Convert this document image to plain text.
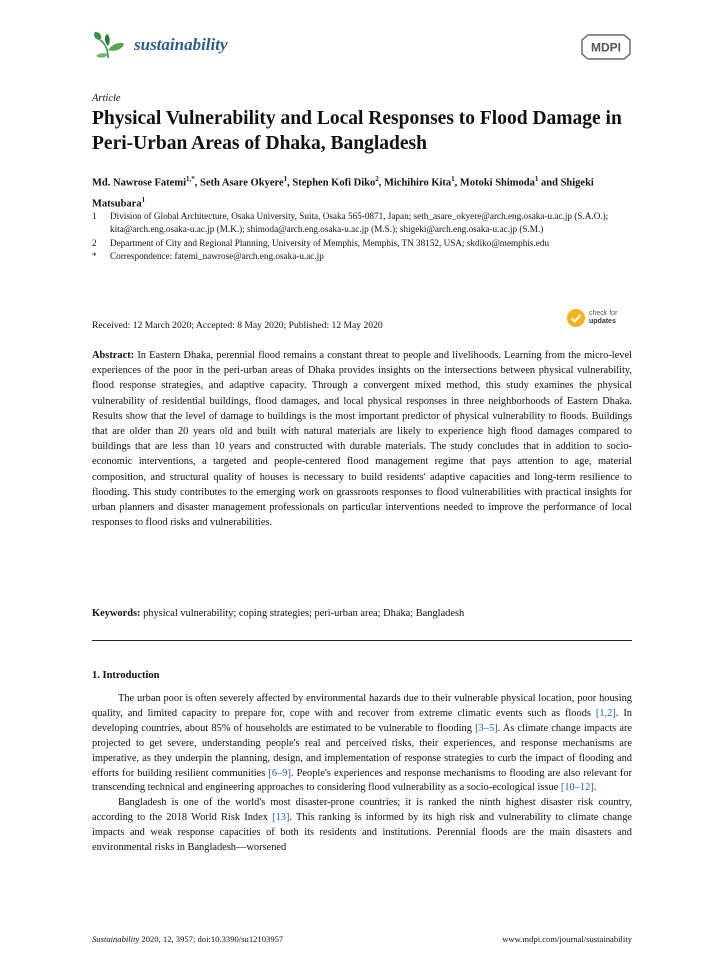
sustainability	MDPI
Article
Physical Vulnerability and Local Responses to Flood Damage in Peri-Urban Areas of Dhaka, Bangladesh
Md. Nawrose Fatemi$^{1,*}$, Seth Asare Okyere$^1$, Stephen Kofi Diko$^2$, Michihiro Kita$^1$, Motoki Shimoda$^1$ and Shigeki Matsubara$^1$
1	Division of Global Architecture, Osaka University, Suita, Osaka 565-0871, Japan; seth_asare_okyere@arch.eng.osaka-u.ac.jp (S.A.O.); kita@arch.eng.osaka-u.ac.jp (M.K.); shimoda@arch.eng.osaka-u.ac.jp (M.S.); shigeki@arch.eng.osaka-u.ac.jp (S.M.)
2	Department of City and Regional Planning, University of Memphis, Memphis, TN 38152, USA; skdiko@memphis.edu
*	Correspondence: fatemi_nawrose@arch.eng.osaka-u.ac.jp
Received: 12 March 2020; Accepted: 8 May 2020; Published: 12 May 2020
check for
updates

Abstract: In Eastern Dhaka, perennial flood remains a constant threat to people and livelihoods. Learning from the micro-level experiences of the poor in the peri-urban areas of Dhaka provides insights on the intersections between physical vulnerability, flood response strategies, and adaptive capacity. Through a convergent mixed method, this study examines the physical vulnerability of residential buildings, flood damages, and local physical responses in three neighborhoods of Eastern Dhaka. Results show that the level of damage to buildings is the most important predictor of physical vulnerability to floods. Buildings that are older than 20 years old and built with natural materials are likely to experience high flood damages compared to buildings that are less than 10 years and constructed with durable materials. The study concludes that in addition to socio-economic interventions, a targeted and people-centered flood management regime that pays attention to age, material composition, and structural quality of houses is necessary to build residents' adaptive capacities and long-term resilience to flooding. This study contributes to the emerging work on grassroots responses to flood vulnerabilities with practical insights for urban planners and disaster management professionals on particular interventions needed to improve the performance of local responses to flood risks and vulnerabilities.

Keywords: physical vulnerability; coping strategies; peri-urban area; Dhaka; Bangladesh

1. Introduction

The urban poor is often severely affected by environmental hazards due to their vulnerable physical location, poor housing quality, and limited capacity to prepare for, cope with and recover from extreme climatic events such as floods [1,2]. In developing countries, about 85% of households are estimated to be vulnerable to flooding [3–5]. As climate change impacts are projected to get severe, understanding people's real and perceived risks, their experiences, and response mechanisms are imperative, as they underpin the planning, design, and implementation of response strategies to curb the impact of flooding and efforts for building resilient communities [6–9]. People's experiences and response mechanisms to flooding are also relevant for transcending technical and engineering approaches to considering flood vulnerability as a socio-ecological issue [10–12].

Bangladesh is one of the world's most disaster-prone countries; it is ranked the ninth highest disaster risk country, according to the 2018 World Risk Index [13]. This ranking is informed by its high risk and vulnerability to climate change impacts and weak response capacities of both its residents and institutions. Perennial floods are the main disasters and environmental risks in Bangladesh—worsened

Sustainability 2020, 12, 3957; doi:10.3390/su12103957	www.mdpi.com/journal/sustainability
